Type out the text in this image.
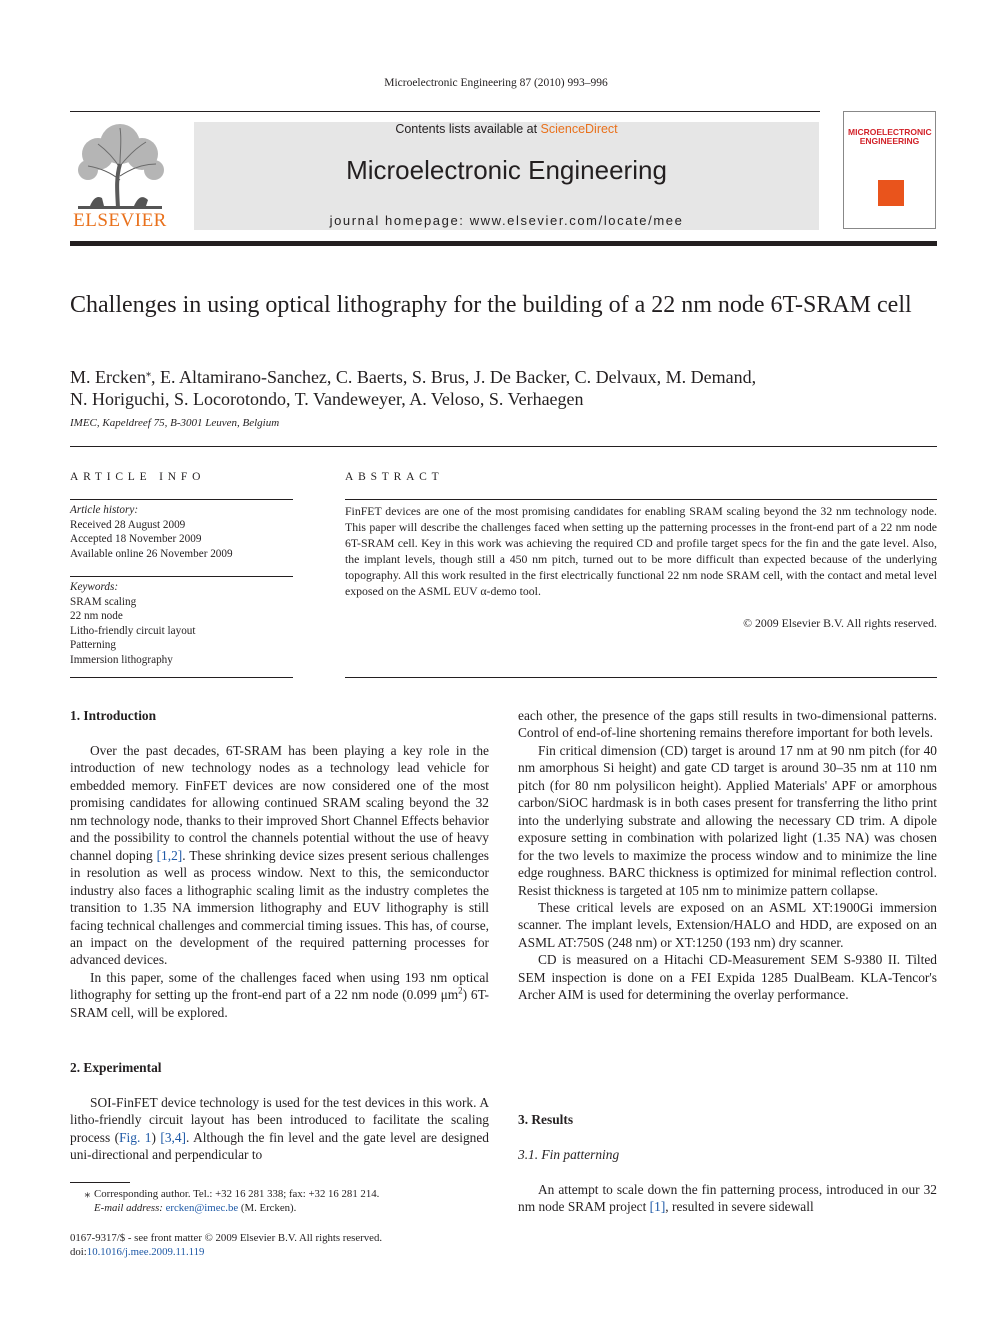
Microelectronic Engineering 87 (2010) 993–996
ELSEVIER
Contents lists available at ScienceDirect
Microelectronic Engineering
journal homepage: www.elsevier.com/locate/mee
MICROELECTRONIC ENGINEERING
Challenges in using optical lithography for the building of a 22 nm node 6T-SRAM cell
M. Ercken⁎, E. Altamirano-Sanchez, C. Baerts, S. Brus, J. De Backer, C. Delvaux, M. Demand,
N. Horiguchi, S. Locorotondo, T. Vandeweyer, A. Veloso, S. Verhaegen
IMEC, Kapeldreef 75, B-3001 Leuven, Belgium
ARTICLE INFO
Article history:
Received 28 August 2009
Accepted 18 November 2009
Available online 26 November 2009
Keywords:
SRAM scaling
22 nm node
Litho-friendly circuit layout
Patterning
Immersion lithography
ABSTRACT
FinFET devices are one of the most promising candidates for enabling SRAM scaling beyond the 32 nm technology node. This paper will describe the challenges faced when setting up the patterning processes in the front-end part of a 22 nm node 6T-SRAM cell. Key in this work was achieving the required CD and profile target specs for the fin and the gate level. Also, the implant levels, though still a 450 nm pitch, turned out to be more difficult than expected because of the underlying topography. All this work resulted in the first electrically functional 22 nm node SRAM cell, with the contact and metal level exposed on the ASML EUV α-demo tool.
© 2009 Elsevier B.V. All rights reserved.

1. Introduction

Over the past decades, 6T-SRAM has been playing a key role in the introduction of new technology nodes as a technology lead vehicle for embedded memory. FinFET devices are now considered one of the most promising candidates for allowing continued SRAM scaling beyond the 32 nm technology node, thanks to their improved Short Channel Effects behavior and the possibility to control the channels potential without the use of heavy channel doping [1,2]. These shrinking device sizes present serious challenges in resolution as well as process window. Next to this, the semiconductor industry also faces a lithographic scaling limit as the industry completes the transition to 1.35 NA immersion lithography and EUV lithography is still facing technical challenges and commercial timing issues. This has, of course, an impact on the development of the required patterning processes for advanced devices.

In this paper, some of the challenges faced when using 193 nm optical lithography for setting up the front-end part of a 22 nm node (0.099 $\mu m^2$) 6T-SRAM cell, will be explored.

2. Experimental

SOI-FinFET device technology is used for the test devices in this work. A litho-friendly circuit layout has been introduced to facilitate the scaling process (Fig. 1) [3,4]. Although the fin level and the gate level are designed uni-directional and perpendicular to

⁎ Corresponding author. Tel.: +32 16 281 338; fax: +32 16 281 214.
E-mail address: ercken@imec.be (M. Ercken).
0167-9317/$ - see front matter © 2009 Elsevier B.V. All rights reserved.
doi:10.1016/j.mee.2009.11.119

each other, the presence of the gaps still results in two-dimensional patterns. Control of end-of-line shortening remains therefore important for both levels.

Fin critical dimension (CD) target is around 17 nm at 90 nm pitch (for 40 nm amorphous Si height) and gate CD target is around 30–35 nm at 110 nm pitch (for 80 nm polysilicon height). Applied Materials' APF or amorphous carbon/SiOC hardmask is in both cases present for transferring the litho print into the underlying substrate and allowing the necessary CD trim. A dipole exposure setting in combination with polarized light (1.35 NA) was chosen for the two levels to maximize the process window and to minimize the line edge roughness. BARC thickness is optimized for minimal reflection control. Resist thickness is targeted at 105 nm to minimize pattern collapse.

These critical levels are exposed on an ASML XT:1900Gi immersion scanner. The implant levels, Extension/HALO and HDD, are exposed on an ASML AT:750S (248 nm) or XT:1250 (193 nm) dry scanner.

CD is measured on a Hitachi CD-Measurement SEM S-9380 II. Tilted SEM inspection is done on a FEI Expida 1285 DualBeam. KLA-Tencor's Archer AIM is used for determining the overlay performance.

3. Results

3.1. Fin patterning

An attempt to scale down the fin patterning process, introduced in our 32 nm node SRAM project [1], resulted in severe sidewall
